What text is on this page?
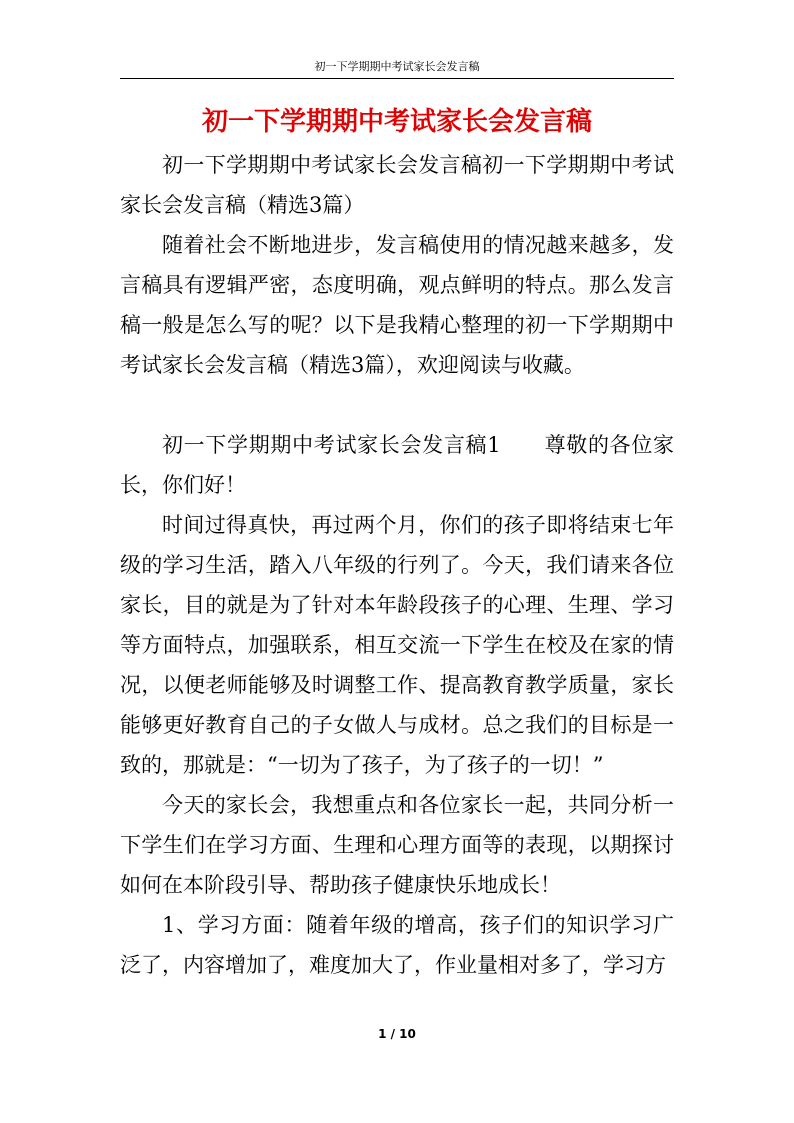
初一下学期期中考试家长会发言稿
初一下学期期中考试家长会发言稿

初一下学期期中考试家长会发言稿初一下学期期中考试家长会发言稿（精选3篇）

随着社会不断地进步，发言稿使用的情况越来越多，发言稿具有逻辑严密，态度明确，观点鲜明的特点。那么发言稿一般是怎么写的呢？以下是我精心整理的初一下学期期中考试家长会发言稿（精选3篇），欢迎阅读与收藏。

初一下学期期中考试家长会发言稿1　　尊敬的各位家长，你们好！

时间过得真快，再过两个月，你们的孩子即将结束七年级的学习生活，踏入八年级的行列了。今天，我们请来各位家长，目的就是为了针对本年龄段孩子的心理、生理、学习等方面特点，加强联系，相互交流一下学生在校及在家的情况，以便老师能够及时调整工作、提高教育教学质量，家长能够更好教育自己的子女做人与成材。总之我们的目标是一致的，那就是：“一切为了孩子，为了孩子的一切！”

今天的家长会，我想重点和各位家长一起，共同分析一下学生们在学习方面、生理和心理方面等的表现，以期探讨如何在本阶段引导、帮助孩子健康快乐地成长！

1、学习方面：随着年级的增高，孩子们的知识学习广泛了，内容增加了，难度加大了，作业量相对多了，学习方

1 / 10
